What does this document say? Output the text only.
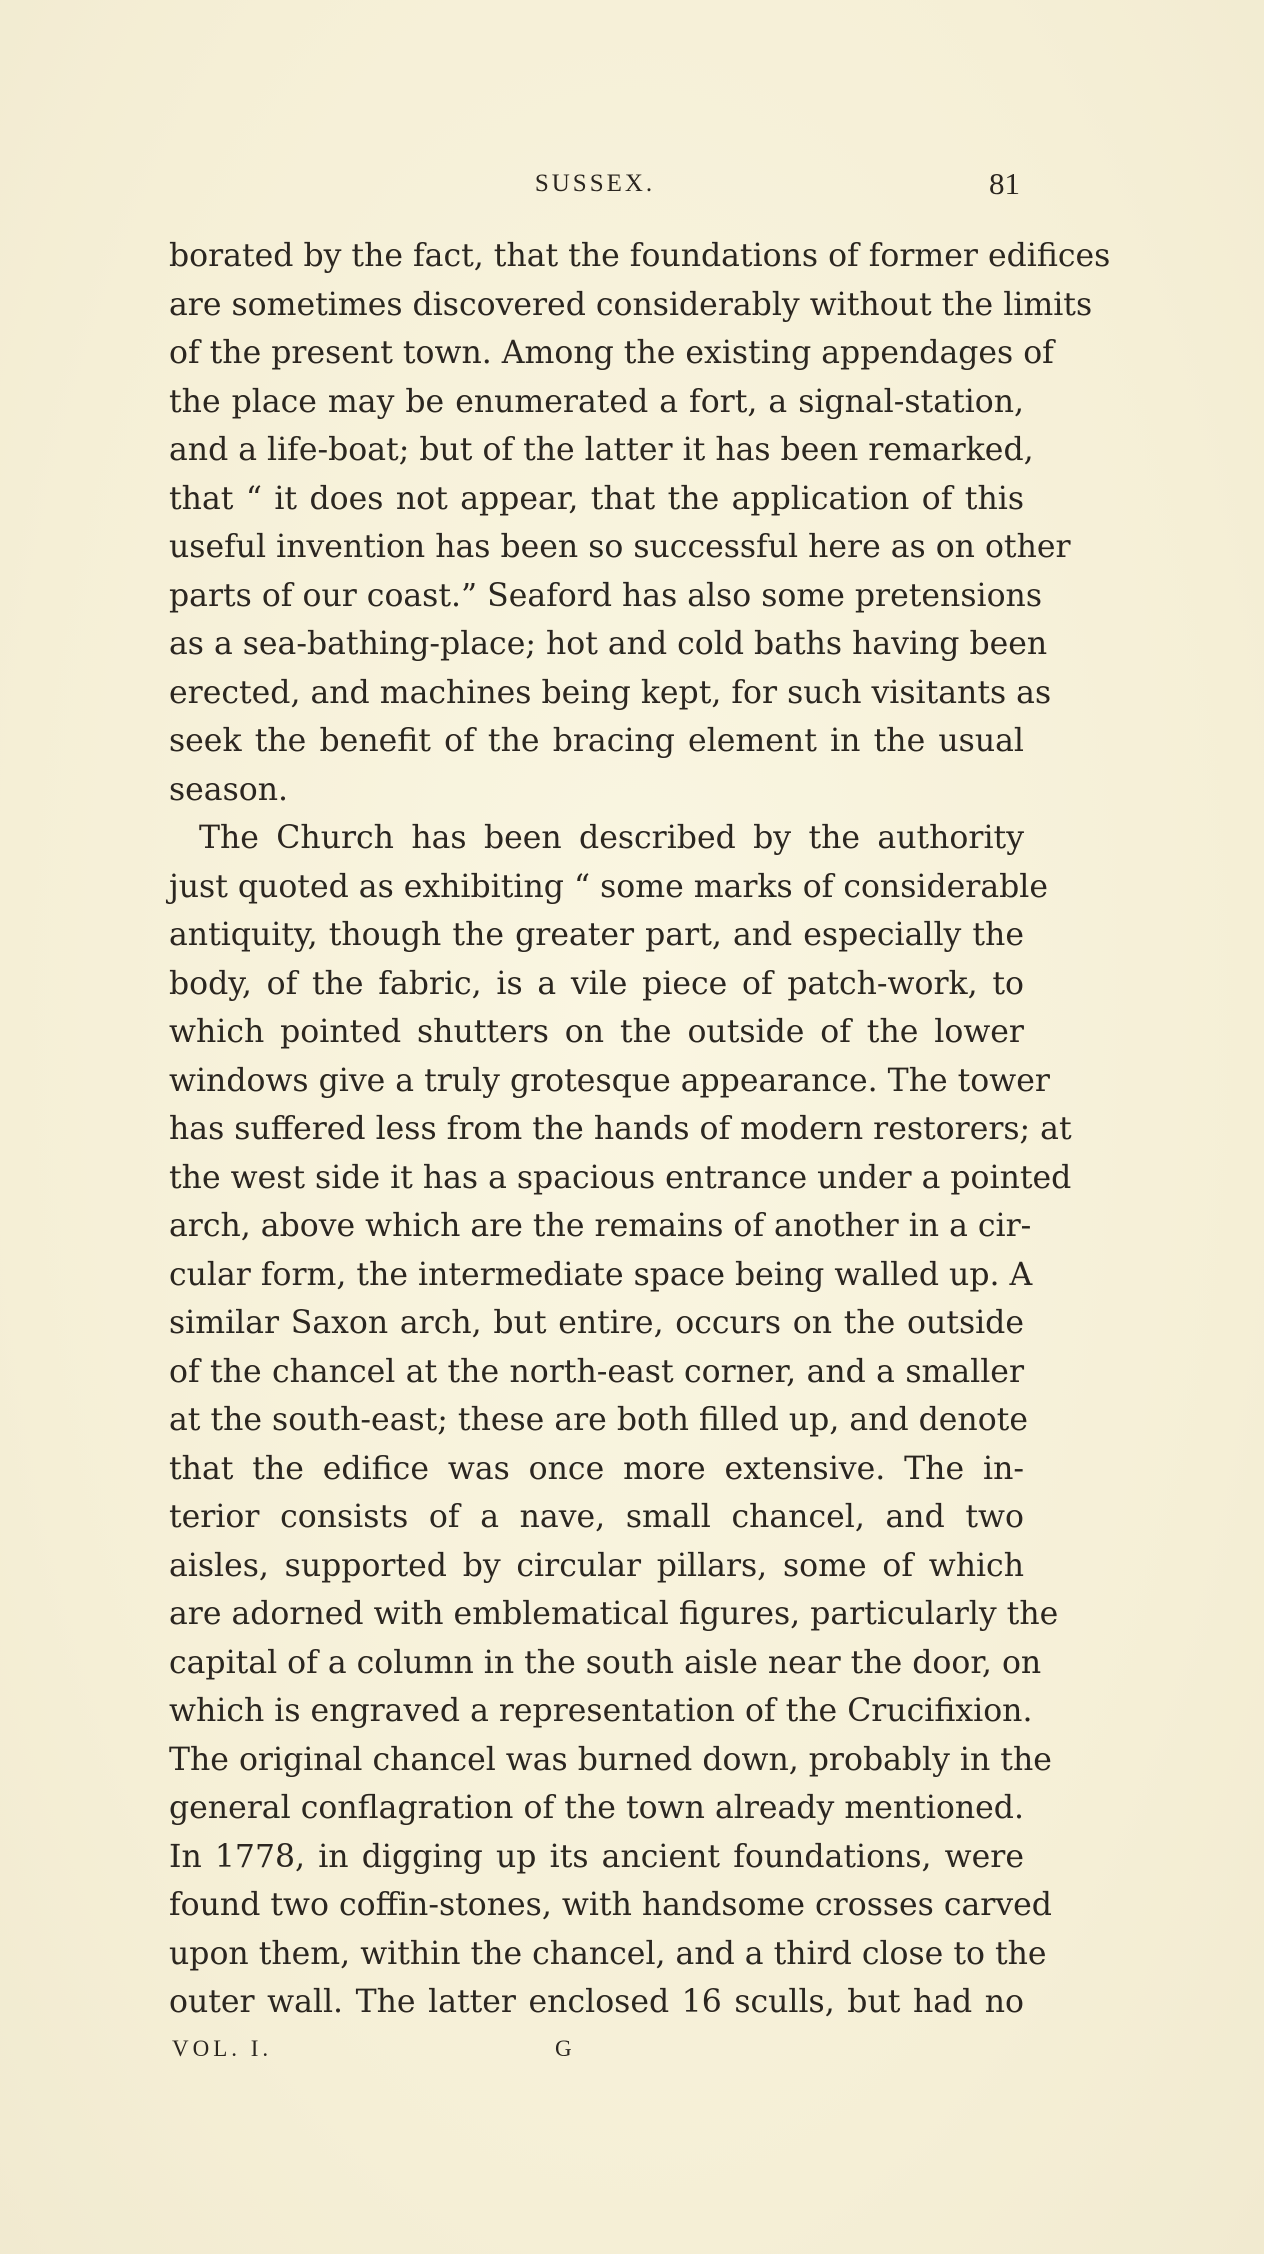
SUSSEX.	81
borated by the fact, that the foundations of former edifices
are sometimes discovered considerably without the limits
of the present town. Among the existing appendages of
the place may be enumerated a fort, a signal-station,
and a life-boat; but of the latter it has been remarked,
that “ it does not appear, that the application of this
useful invention has been so successful here as on other
parts of our coast.” Seaford has also some pretensions
as a sea-bathing-place; hot and cold baths having been
erected, and machines being kept, for such visitants as
seek the benefit of the bracing element in the usual
season.
The Church has been described by the authority
just quoted as exhibiting “ some marks of considerable
antiquity, though the greater part, and especially the
body, of the fabric, is a vile piece of patch-work, to
which pointed shutters on the outside of the lower
windows give a truly grotesque appearance. The tower
has suffered less from the hands of modern restorers; at
the west side it has a spacious entrance under a pointed
arch, above which are the remains of another in a cir-
cular form, the intermediate space being walled up. A
similar Saxon arch, but entire, occurs on the outside
of the chancel at the north-east corner, and a smaller
at the south-east; these are both filled up, and denote
that the edifice was once more extensive. The in-
terior consists of a nave, small chancel, and two
aisles, supported by circular pillars, some of which
are adorned with emblematical figures, particularly the
capital of a column in the south aisle near the door, on
which is engraved a representation of the Crucifixion.
The original chancel was burned down, probably in the
general conflagration of the town already mentioned.
In 1778, in digging up its ancient foundations, were
found two coffin-stones, with handsome crosses carved
upon them, within the chancel, and a third close to the
outer wall. The latter enclosed 16 sculls, but had no
VOL. I.	G
